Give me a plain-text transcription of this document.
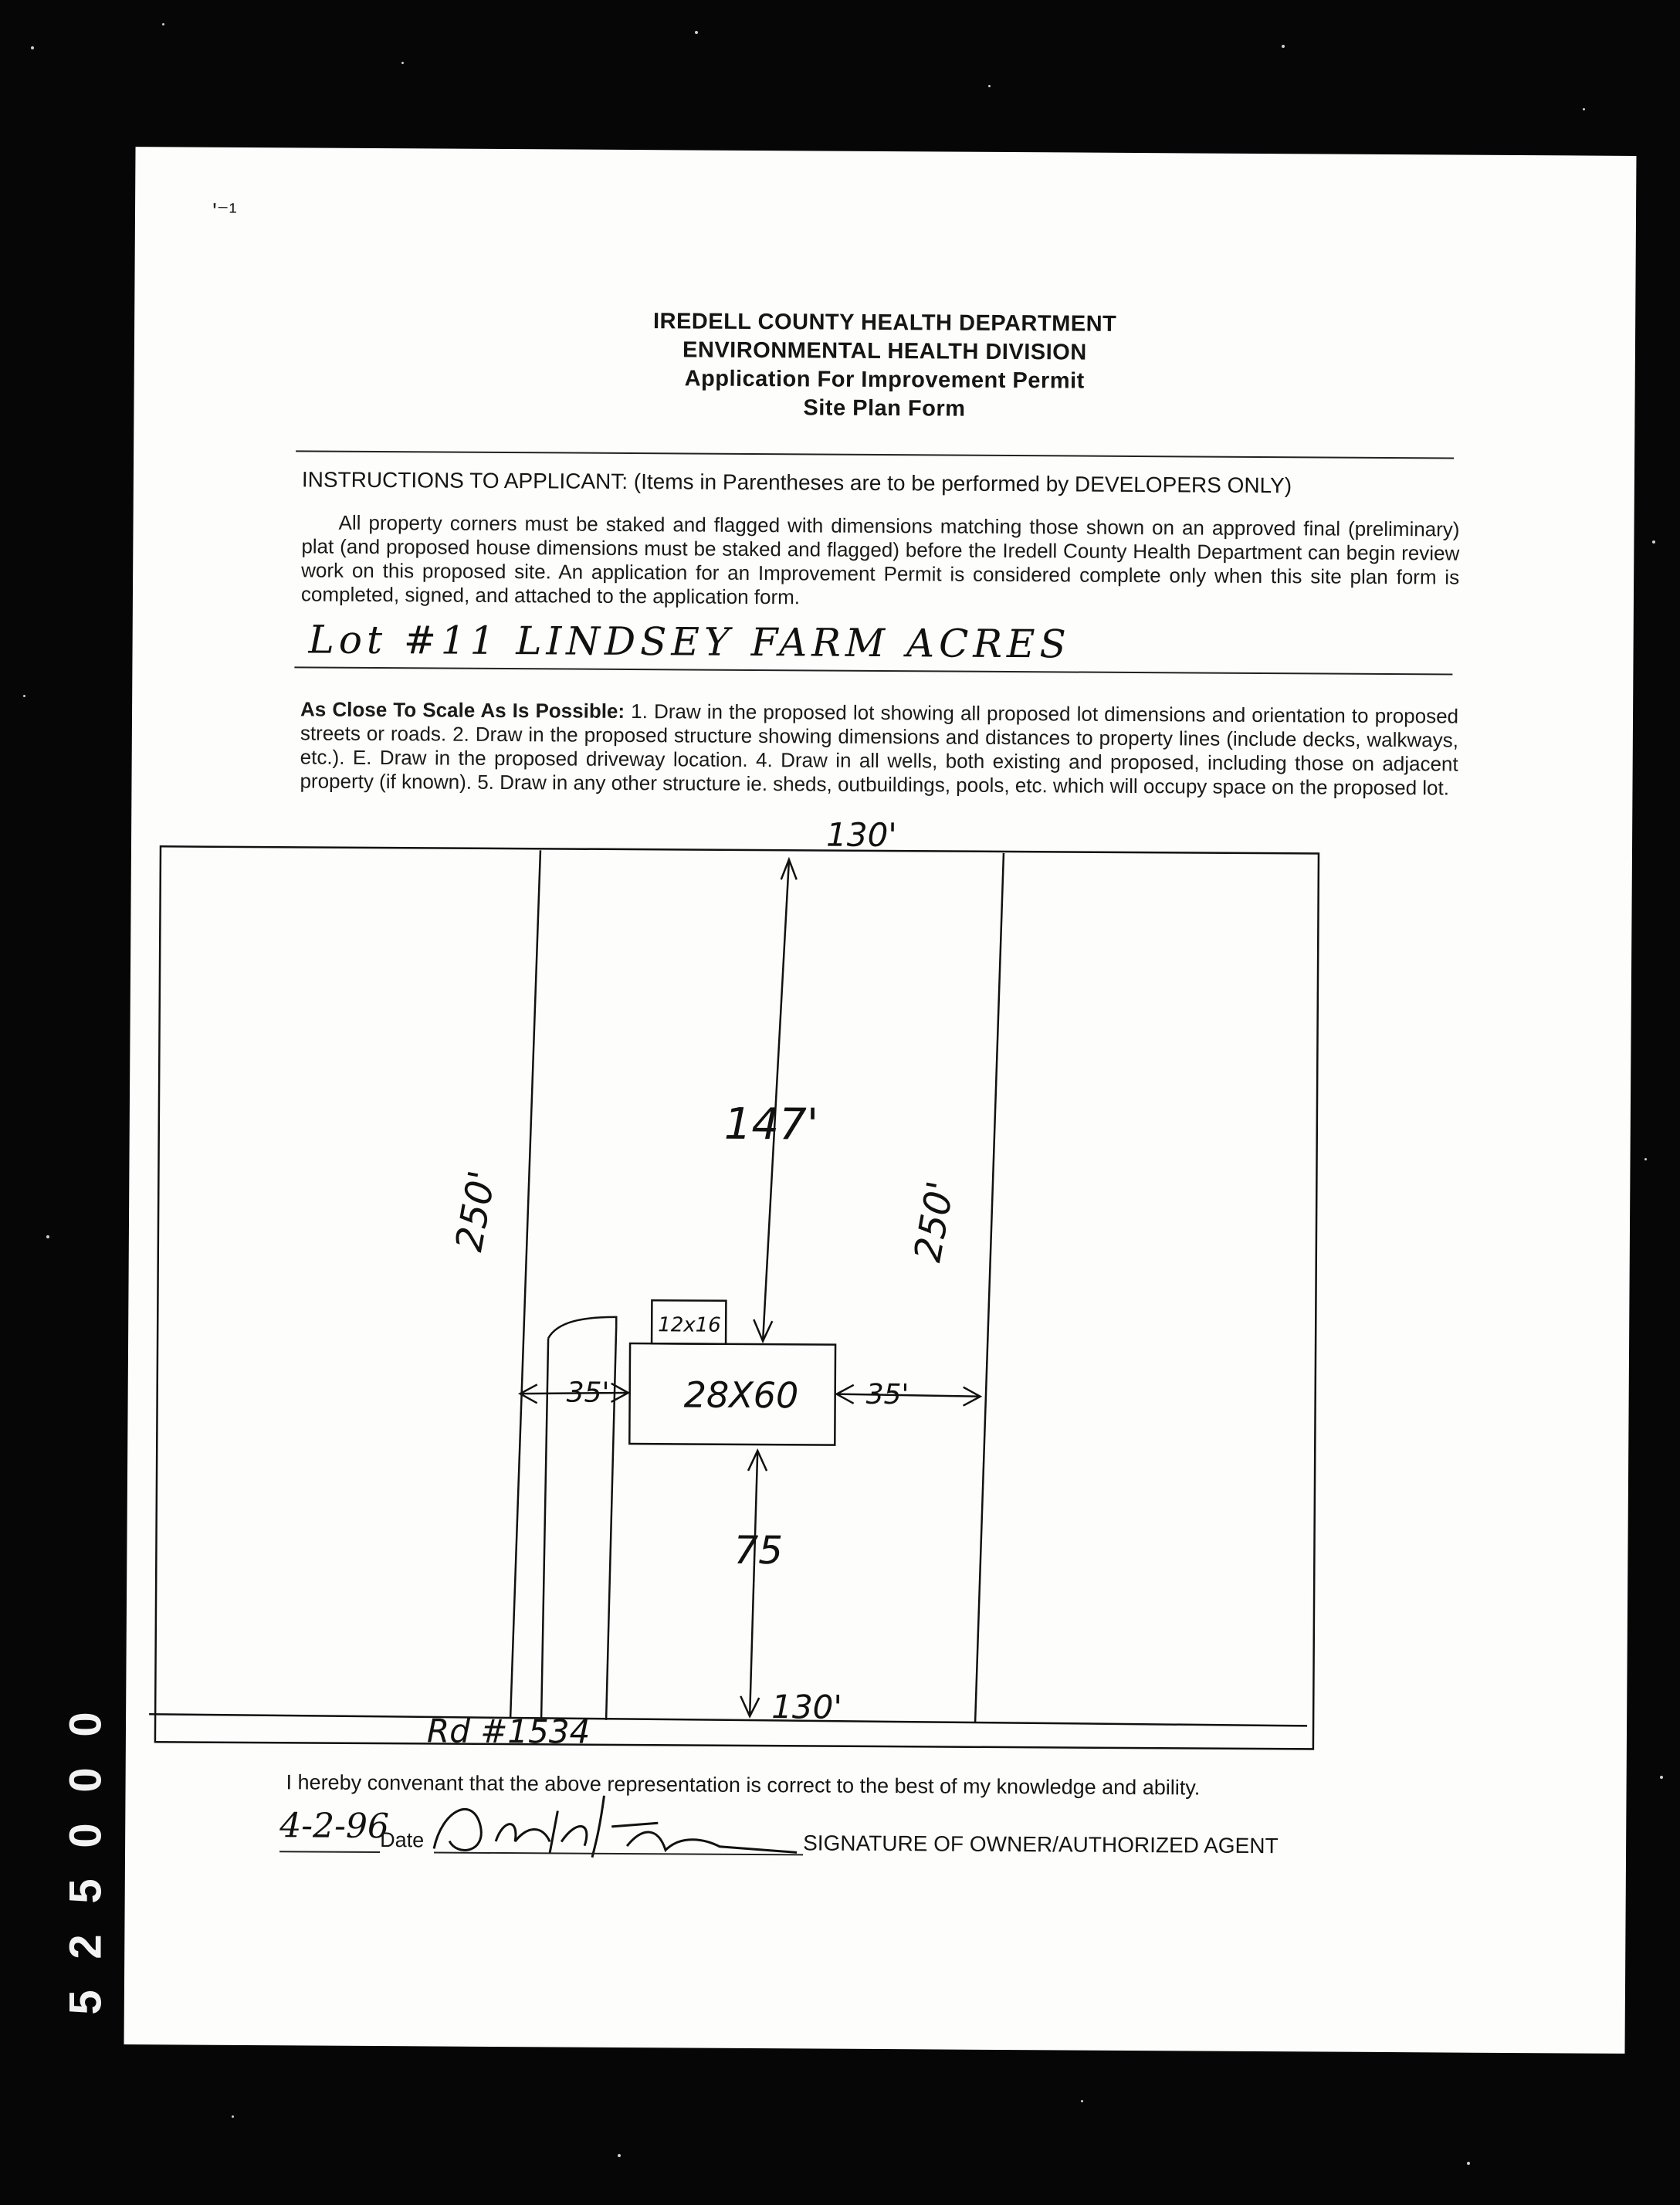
0
0
0
5
2
5
'⁻¹
IREDELL COUNTY HEALTH DEPARTMENT
ENVIRONMENTAL HEALTH DIVISION
Application For Improvement Permit
Site Plan Form
INSTRUCTIONS TO APPLICANT: (Items in Parentheses are to be performed by DEVELOPERS ONLY)
All property corners must be staked and flagged with dimensions matching those shown on an approved final (preliminary) plat (and proposed house dimensions must be staked and flagged) before the Iredell County Health Department can begin review work on this proposed site. An application for an Improvement Permit is considered complete only when this site plan form is completed, signed, and attached to the application form.
Lot #11 LINDSEY FARM ACRES
As Close To Scale As Is Possible: 1. Draw in the proposed lot showing all proposed lot dimensions and orientation to proposed streets or roads. 2. Draw in the proposed structure showing dimensions and distances to property lines (include decks, walkways, etc.). E. Draw in the proposed driveway location. 4. Draw in all wells, both existing and proposed, including those on adjacent property (if known). 5. Draw in any other structure ie. sheds, outbuildings, pools, etc. which will occupy space on the proposed lot.
130'
147'
250'	250'
12x16
28X60
35'	35'
75
130'
Rd #1534
I hereby convenant that the above representation is correct to the best of my knowledge and ability.
4-2-96
Date	SIGNATURE OF OWNER/AUTHORIZED AGENT
